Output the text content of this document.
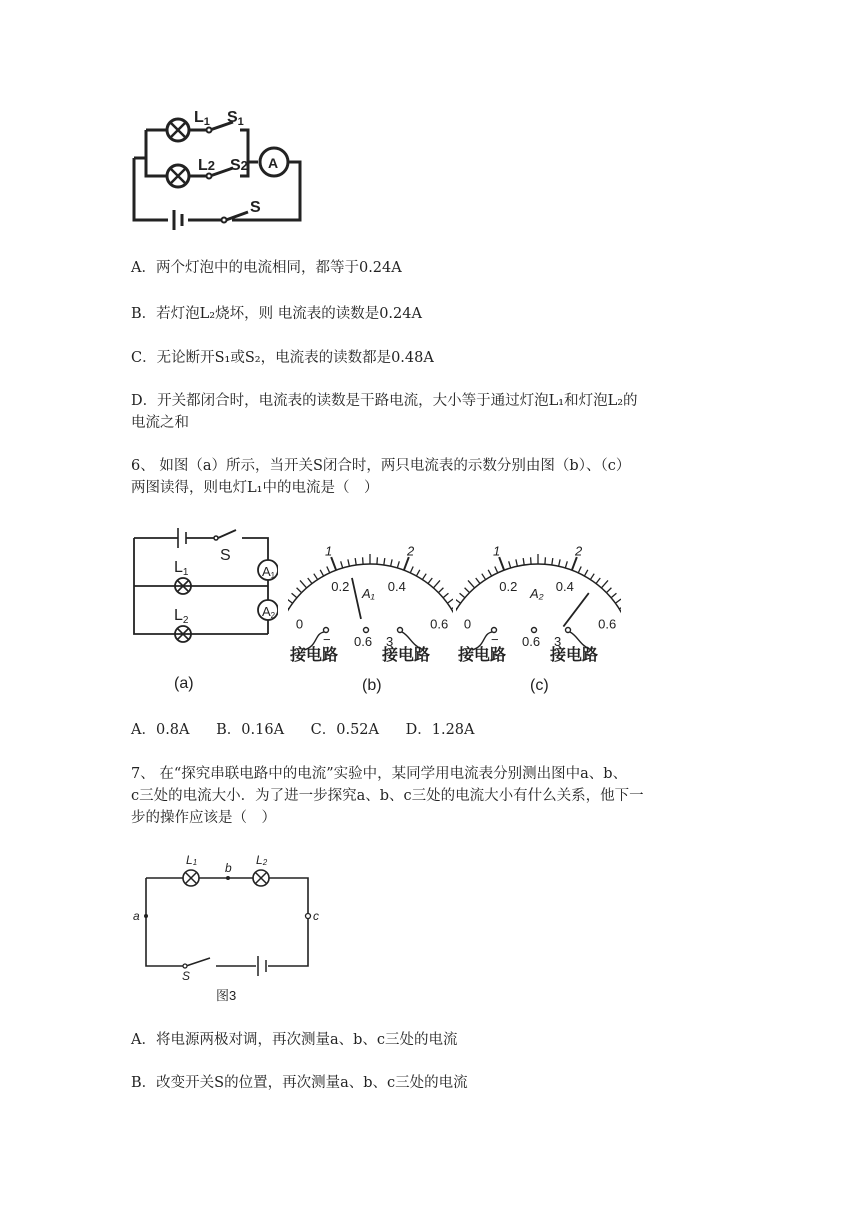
L1 S1
L2 S2 A
S
A．两个灯泡中的电流相同，都等于0.24A
B．若灯泡L₂烧坏，则 电流表的读数是0.24A
C．无论断开S₁或S₂，电流表的读数都是0.48A
D．开关都闭合时，电流表的读数是干路电流，大小等于通过灯泡L₁和灯泡L₂的
电流之和
6、 如图（a）所示，当开关S闭合时，两只电流表的示数分别由图（b）、（c）
两图读得，则电灯L₁中的电流是（　）
S
L1
L2
A1
A2
(a)
1	2
0
0.2	0.4
0.6
A₁
− 0.6 3
接电路	接电路
(b)
1	2
0
0.2	0.4
0.6
A₂
− 0.6 3
接电路	接电路
(c)
A．0.8A B．0.16A C．0.52A D．1.28A
7、 在“探究串联电路中的电流”实验中，某同学用电流表分别测出图中a、b、
c三处的电流大小．为了进一步探究a、b、c三处的电流大小有什么关系，他下一
步的操作应该是（　）
L1 b
L2
a	c
S
图3
A．将电源两极对调，再次测量a、b、c三处的电流
B．改变开关S的位置，再次测量a、b、c三处的电流
